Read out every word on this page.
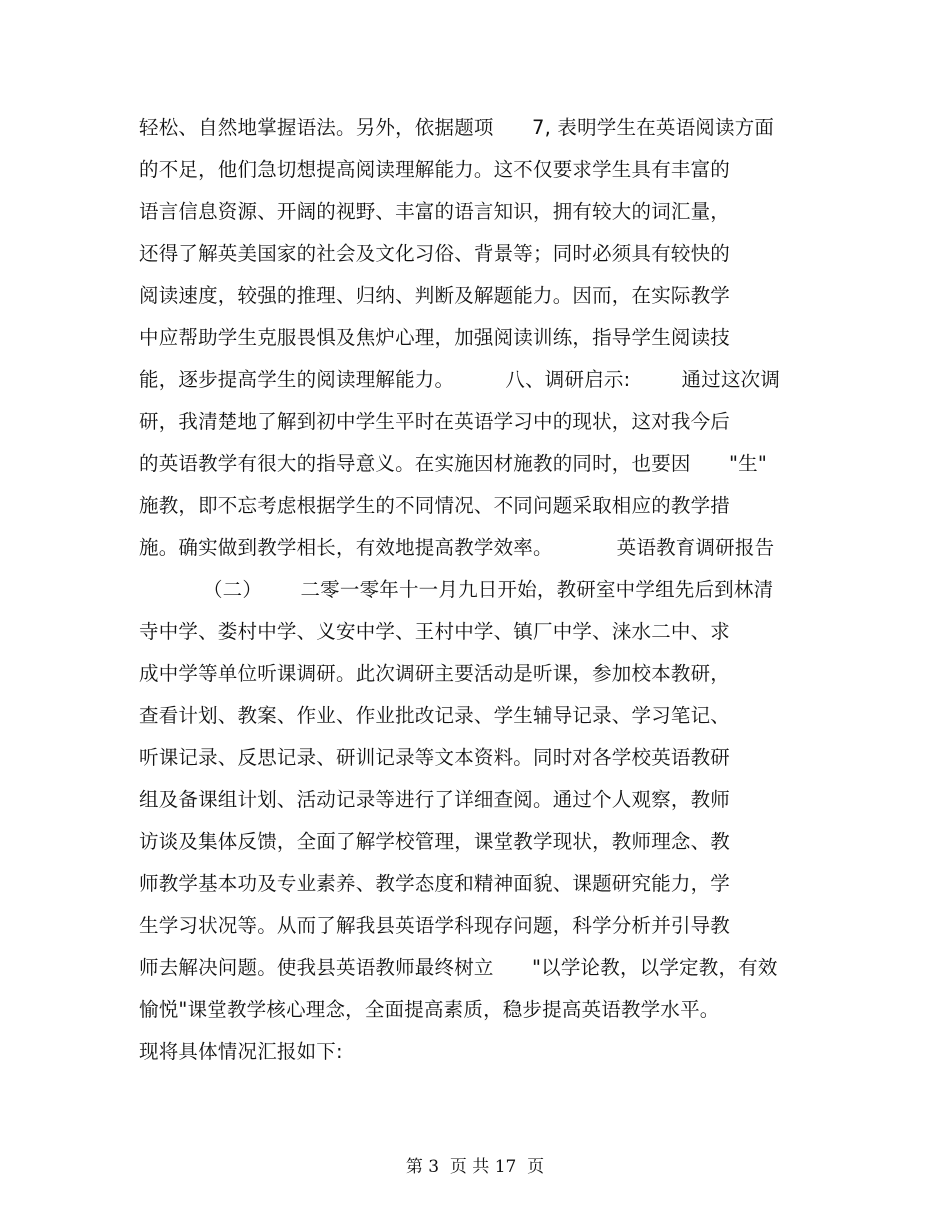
轻松、自然地掌握语法。另外，依据题项      7, 表明学生在英语阅读方面
的不足，他们急切想提高阅读理解能力。这不仅要求学生具有丰富的
语言信息资源、开阔的视野、丰富的语言知识，拥有较大的词汇量，
还得了解英美国家的社会及文化习俗、背景等；同时必须具有较快的
阅读速度，较强的推理、归纳、判断及解题能力。因而，在实际教学
中应帮助学生克服畏惧及焦炉心理，加强阅读训练，指导学生阅读技
能，逐步提高学生的阅读理解能力。        八、调研启示:        通过这次调
研，我清楚地了解到初中学生平时在英语学习中的现状，这对我今后
的英语教学有很大的指导意义。在实施因材施教的同时，也要因      "生"
施教，即不忘考虑根据学生的不同情况、不同问题采取相应的教学措
施。确实做到教学相长，有效地提高教学效率。          英语教育调研报告
（二）      二零一零年十一月九日开始，教研室中学组先后到林清
寺中学、娄村中学、义安中学、王村中学、镇厂中学、涞水二中、求
成中学等单位听课调研。此次调研主要活动是听课，参加校本教研，
查看计划、教案、作业、作业批改记录、学生辅导记录、学习笔记、
听课记录、反思记录、研训记录等文本资料。同时对各学校英语教研
组及备课组计划、活动记录等进行了详细查阅。通过个人观察，教师
访谈及集体反馈，全面了解学校管理，课堂教学现状，教师理念、教
师教学基本功及专业素养、教学态度和精神面貌、课题研究能力，学
生学习状况等。从而了解我县英语学科现存问题，科学分析并引导教
师去解决问题。使我县英语教师最终树立      "以学论教，以学定教，有效
愉悦"课堂教学核心理念，全面提高素质，稳步提高英语教学水平。
现将具体情况汇报如下:
第 3  页 共 17  页
